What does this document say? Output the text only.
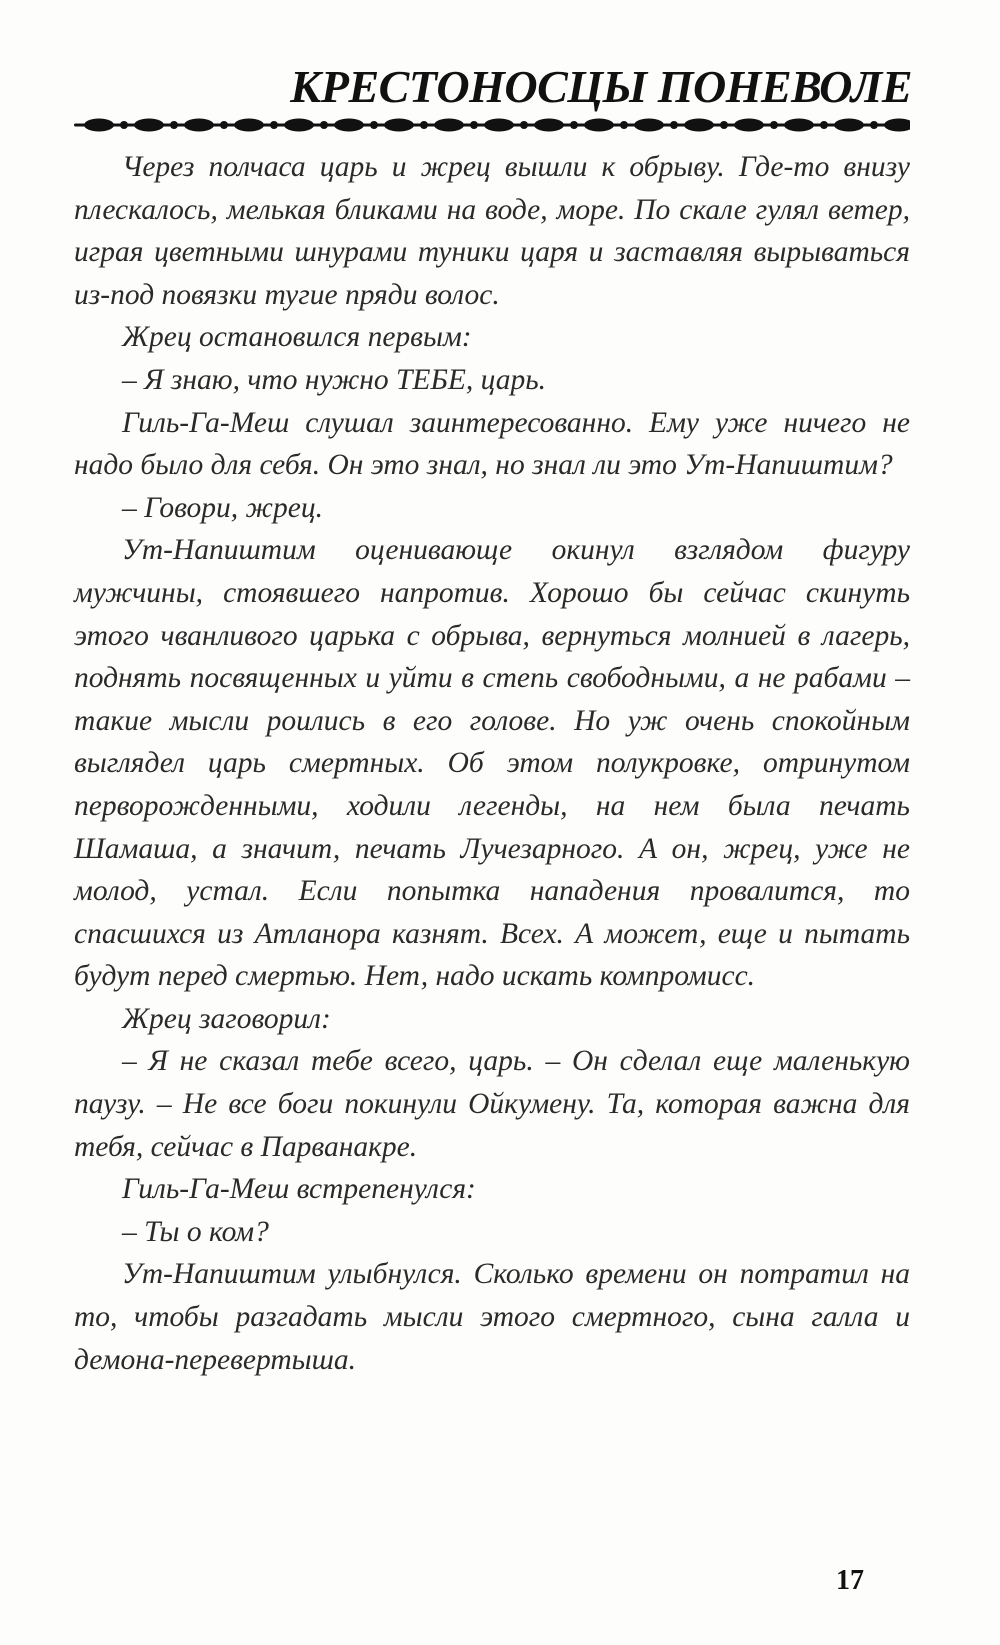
КРЕСТОНОСЦЫ ПОНЕВОЛЕ

Через полчаса царь и жрец вышли к обрыву. Где-то внизу плескалось, мелькая бликами на воде, море. По скале гулял ветер, играя цветными шнурами туники царя и заставляя вырываться из-под повязки тугие пряди волос.

Жрец остановился первым:

– Я знаю, что нужно ТЕБЕ, царь.

Гиль-Га-Меш слушал заинтересованно. Ему уже ничего не надо было для себя. Он это знал, но знал ли это Ут-Напиштим?

– Говори, жрец.

Ут-Напиштим оценивающе окинул взглядом фигуру мужчины, стоявшего напротив. Хорошо бы сейчас скинуть этого чванливого царька с обрыва, вернуться молнией в лагерь, поднять посвященных и уйти в степь свободными, а не рабами – такие мысли роились в его голове. Но уж очень спокойным выглядел царь смертных. Об этом полукровке, отринутом перворожденными, ходили легенды, на нем была печать Шамаша, а значит, печать Лучезарного. А он, жрец, уже не молод, устал. Если попытка нападения провалится, то спасшихся из Атланора казнят. Всех. А может, еще и пытать будут перед смертью. Нет, надо искать компромисс.

Жрец заговорил:

– Я не сказал тебе всего, царь. – Он сделал еще маленькую паузу. – Не все боги покинули Ойкумену. Та, которая важна для тебя, сейчас в Парванакре.

Гиль-Га-Меш встрепенулся:

– Ты о ком?

Ут-Напиштим улыбнулся. Сколько времени он потратил на то, чтобы разгадать мысли этого смертного, сына галла и демона-перевертыша.

17
